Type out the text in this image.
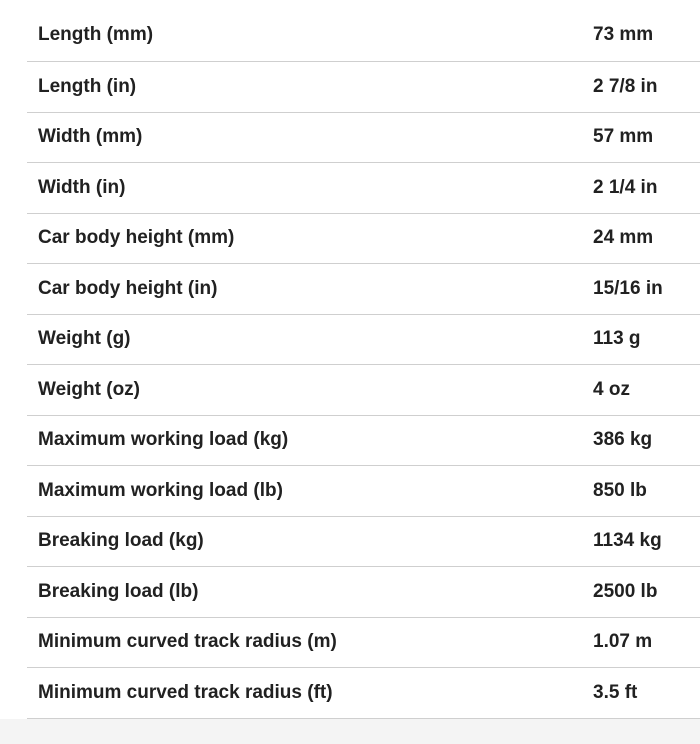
Length (mm)	73 mm
Length (in)	2 7/8 in
Width (mm)	57 mm
Width (in)	2 1/4 in
Car body height (mm)	24 mm
Car body height (in)	15/16 in
Weight (g)	113 g
Weight (oz)	4 oz
Maximum working load (kg)	386 kg
Maximum working load (lb)	850 lb
Breaking load (kg)	1134 kg
Breaking load (lb)	2500 lb
Minimum curved track radius (m)	1.07 m
Minimum curved track radius (ft)	3.5 ft
